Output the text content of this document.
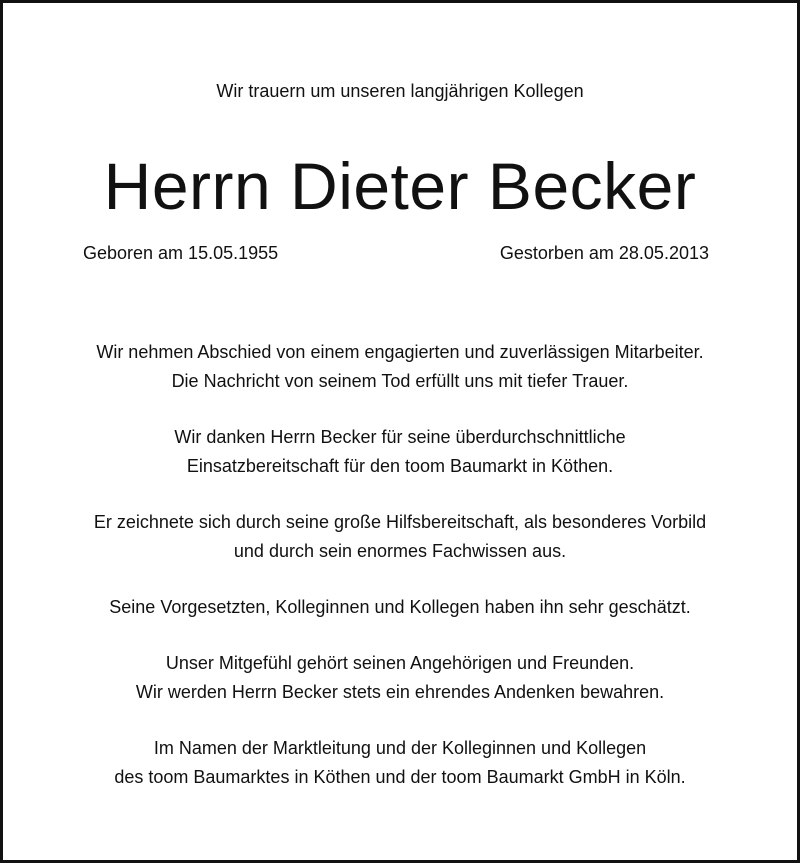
Wir trauern um unseren langjährigen Kollegen
Herrn Dieter Becker
Geboren am 15.05.1955	Gestorben am 28.05.2013

Wir nehmen Abschied von einem engagierten und zuverlässigen Mitarbeiter.
Die Nachricht von seinem Tod erfüllt uns mit tiefer Trauer.

Wir danken Herrn Becker für seine überdurchschnittliche
Einsatzbereitschaft für den toom Baumarkt in Köthen.

Er zeichnete sich durch seine große Hilfsbereitschaft, als besonderes Vorbild
und durch sein enormes Fachwissen aus.

Seine Vorgesetzten, Kolleginnen und Kollegen haben ihn sehr geschätzt.

Unser Mitgefühl gehört seinen Angehörigen und Freunden.
Wir werden Herrn Becker stets ein ehrendes Andenken bewahren.

Im Namen der Marktleitung und der Kolleginnen und Kollegen
des toom Baumarktes in Köthen und der toom Baumarkt GmbH in Köln.
